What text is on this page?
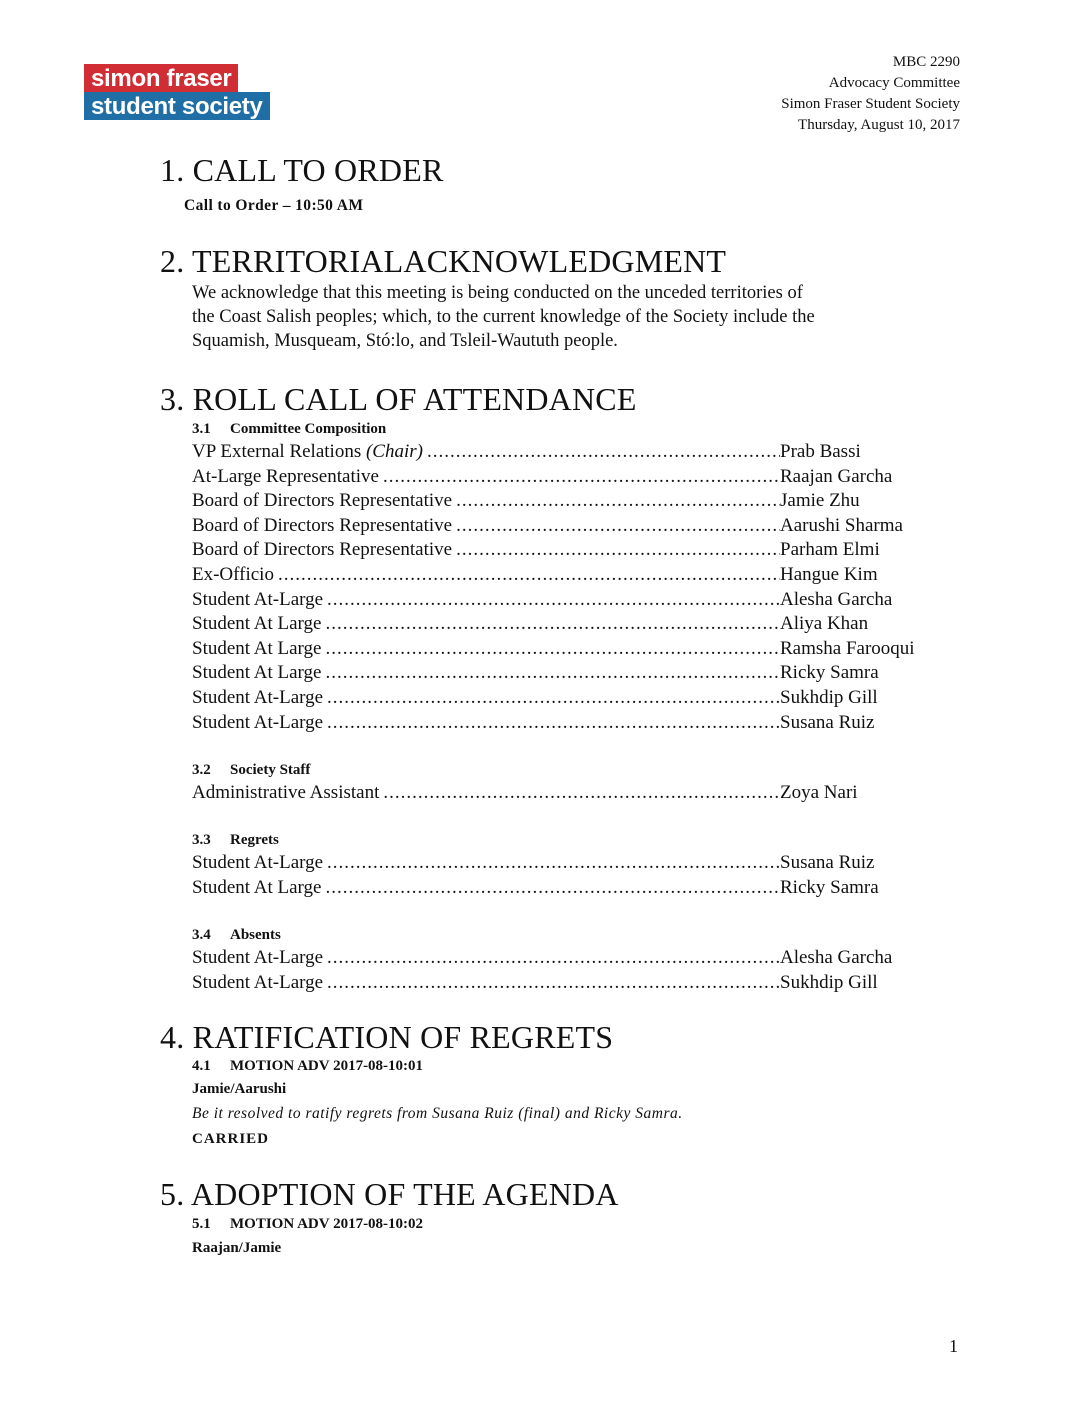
simon fraser
student society
MBC 2290
Advocacy Committee
Simon Fraser Student Society
Thursday, August 10, 2017
1. CALL TO ORDER
Call to Order – 10:50 AM
2. TERRITORIALACKNOWLEDGMENT
We acknowledge that this meeting is being conducted on the unceded territories of
the Coast Salish peoples; which, to the current knowledge of the Society include the
Squamish, Musqueam, Stó:lo, and Tsleil-Waututh people.
3. ROLL CALL OF ATTENDANCE
3.1 Committee Composition
VP External Relations (Chair) .....	Prab Bassi
At-Large Representative .....	Raajan Garcha
Board of Directors Representative .....	Jamie Zhu
Board of Directors Representative .....	Aarushi Sharma
Board of Directors Representative .....	Parham Elmi
Ex-Officio .....	Hangue Kim
Student At-Large .....	Alesha Garcha
Student At Large .....	Aliya Khan
Student At Large .....	Ramsha Farooqui
Student At Large .....	Ricky Samra
Student At-Large .....	Sukhdip Gill
Student At-Large .....	Susana Ruiz
3.2 Society Staff
Administrative Assistant .....	Zoya Nari
3.3 Regrets
Student At-Large .....	Susana Ruiz
Student At Large .....	Ricky Samra
3.4 Absents
Student At-Large .....	Alesha Garcha
Student At-Large .....	Sukhdip Gill
4. RATIFICATION OF REGRETS
4.1 MOTION ADV 2017-08-10:01
Jamie/Aarushi
Be it resolved to ratify regrets from Susana Ruiz (final) and Ricky Samra.
CARRIED
5. ADOPTION OF THE AGENDA
5.1 MOTION ADV 2017-08-10:02
Raajan/Jamie
1
